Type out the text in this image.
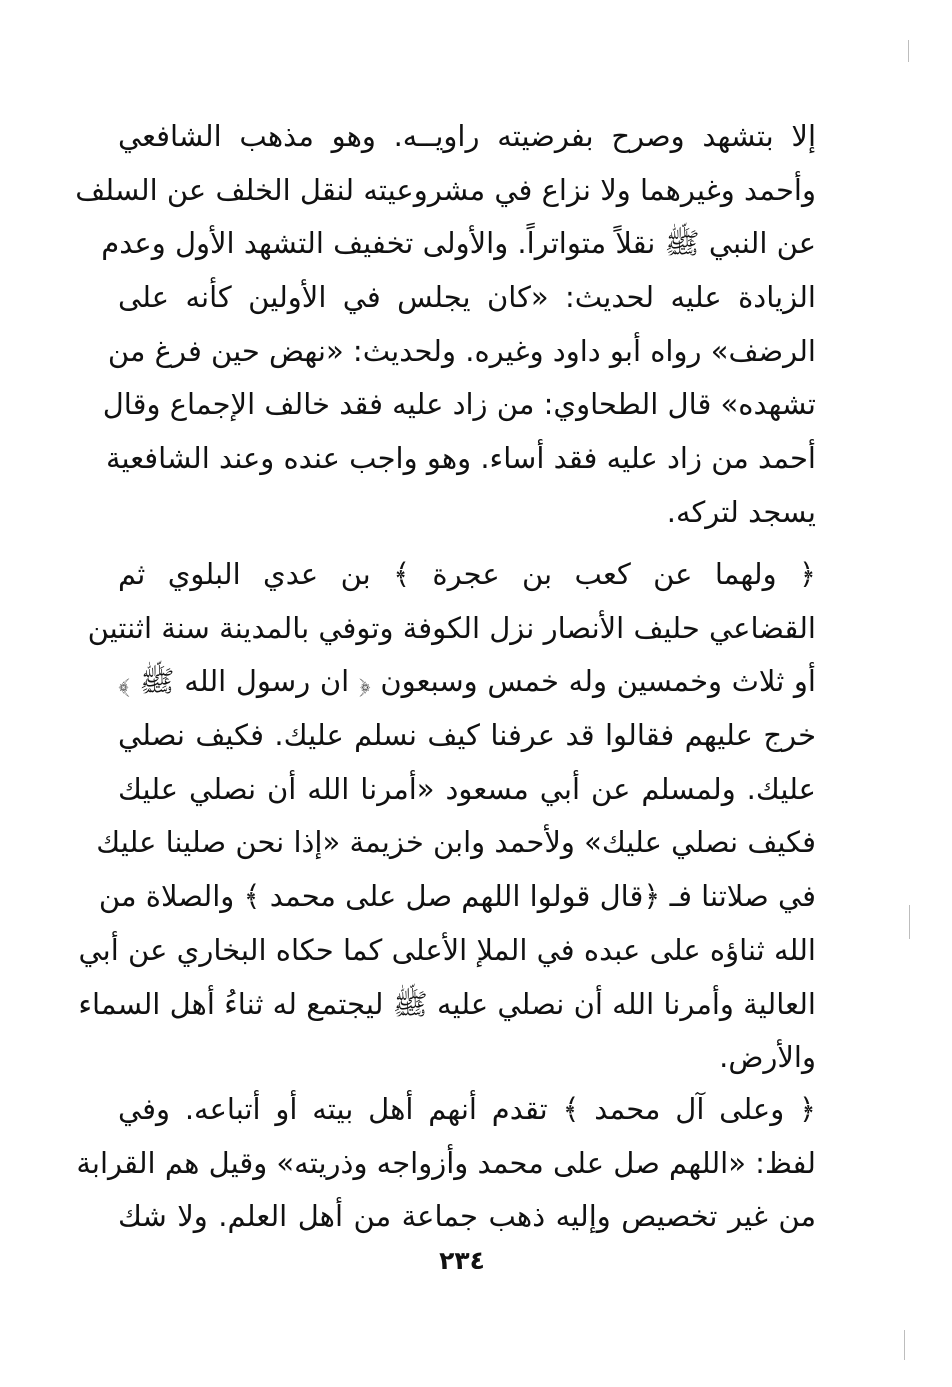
إلا بتشهد وصرح بفرضيته راويــه. وهو مذهب الشافعي
وأحمد وغيرهما ولا نزاع في مشروعيته لنقل الخلف عن السلف
عن النبي ﷺ نقلاً متواتراً. والأولى تخفيف التشهد الأول وعدم
الزيادة عليه لحديث: «كان يجلس في الأولين كأنه على
الرضف» رواه أبو داود وغيره. ولحديث: «نهض حين فرغ من
تشهده» قال الطحاوي: من زاد عليه فقد خالف الإجماع وقال
أحمد من زاد عليه فقد أساء. وهو واجب عنده وعند الشافعية
يسجد لتركه.
﴿ ولهما عن كعب بن عجرة ﴾ بن عدي البلوي ثم
القضاعي حليف الأنصار نزل الكوفة وتوفي بالمدينة سنة اثنتين
أو ثلاث وخمسين وله خمس وسبعون ﴿ ان رسول الله ﷺ ﴾
خرج عليهم فقالوا قد عرفنا كيف نسلم عليك. فكيف نصلي
عليك. ولمسلم عن أبي مسعود «أمرنا الله أن نصلي عليك
فكيف نصلي عليك» ولأحمد وابن خزيمة «إذا نحن صلينا عليك
في صلاتنا فـ ﴿قال قولوا اللهم صل على محمد ﴾ والصلاة من
الله ثناؤه على عبده في الملإ الأعلى كما حكاه البخاري عن أبي
العالية وأمرنا الله أن نصلي عليه ﷺ ليجتمع له ثناءُ أهل السماء
والأرض.
﴿ وعلى آل محمد ﴾ تقدم أنهم أهل بيته أو أتباعه. وفي
لفظ: «اللهم صل على محمد وأزواجه وذريته» وقيل هم القرابة
من غير تخصيص وإليه ذهب جماعة من أهل العلم. ولا شك
٢٣٤
